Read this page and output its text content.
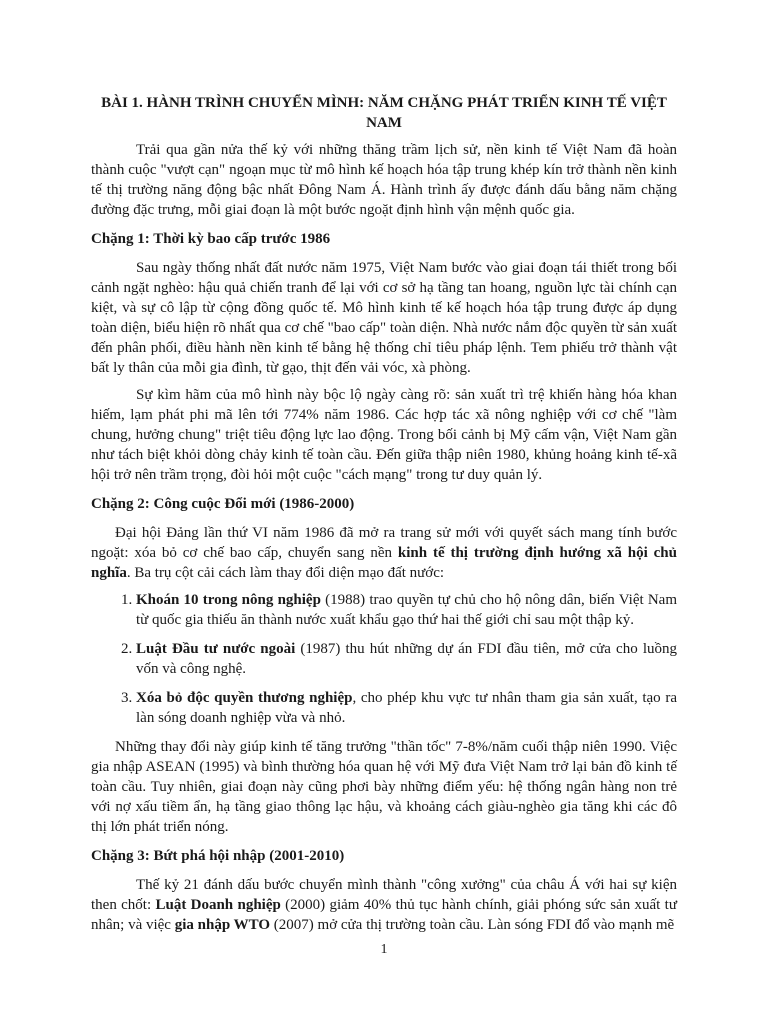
BÀI 1. HÀNH TRÌNH CHUYỂN MÌNH: NĂM CHẶNG PHÁT TRIỂN KINH TẾ VIỆT NAM

Trải qua gần nửa thế kỷ với những thăng trầm lịch sử, nền kinh tế Việt Nam đã hoàn thành cuộc "vượt cạn" ngoạn mục từ mô hình kế hoạch hóa tập trung khép kín trở thành nền kinh tế thị trường năng động bậc nhất Đông Nam Á. Hành trình ấy được đánh dấu bằng năm chặng đường đặc trưng, mỗi giai đoạn là một bước ngoặt định hình vận mệnh quốc gia.

Chặng 1: Thời kỳ bao cấp trước 1986

Sau ngày thống nhất đất nước năm 1975, Việt Nam bước vào giai đoạn tái thiết trong bối cảnh ngặt nghèo: hậu quả chiến tranh để lại với cơ sở hạ tầng tan hoang, nguồn lực tài chính cạn kiệt, và sự cô lập từ cộng đồng quốc tế. Mô hình kinh tế kế hoạch hóa tập trung được áp dụng toàn diện, biểu hiện rõ nhất qua cơ chế "bao cấp" toàn diện. Nhà nước nắm độc quyền từ sản xuất đến phân phối, điều hành nền kinh tế bằng hệ thống chỉ tiêu pháp lệnh. Tem phiếu trở thành vật bất ly thân của mỗi gia đình, từ gạo, thịt đến vải vóc, xà phòng.

Sự kìm hãm của mô hình này bộc lộ ngày càng rõ: sản xuất trì trệ khiến hàng hóa khan hiếm, lạm phát phi mã lên tới 774% năm 1986. Các hợp tác xã nông nghiệp với cơ chế "làm chung, hưởng chung" triệt tiêu động lực lao động. Trong bối cảnh bị Mỹ cấm vận, Việt Nam gần như tách biệt khỏi dòng chảy kinh tế toàn cầu. Đến giữa thập niên 1980, khủng hoảng kinh tế-xã hội trở nên trầm trọng, đòi hỏi một cuộc "cách mạng" trong tư duy quản lý.

Chặng 2: Công cuộc Đổi mới (1986-2000)

Đại hội Đảng lần thứ VI năm 1986 đã mở ra trang sử mới với quyết sách mang tính bước ngoặt: xóa bỏ cơ chế bao cấp, chuyển sang nền kinh tế thị trường định hướng xã hội chủ nghĩa. Ba trụ cột cải cách làm thay đổi diện mạo đất nước:

1. Khoán 10 trong nông nghiệp (1988) trao quyền tự chủ cho hộ nông dân, biến Việt Nam từ quốc gia thiếu ăn thành nước xuất khẩu gạo thứ hai thế giới chỉ sau một thập kỷ.
2. Luật Đầu tư nước ngoài (1987) thu hút những dự án FDI đầu tiên, mở cửa cho luồng vốn và công nghệ.
3. Xóa bỏ độc quyền thương nghiệp, cho phép khu vực tư nhân tham gia sản xuất, tạo ra làn sóng doanh nghiệp vừa và nhỏ.

Những thay đổi này giúp kinh tế tăng trưởng "thần tốc" 7-8%/năm cuối thập niên 1990. Việc gia nhập ASEAN (1995) và bình thường hóa quan hệ với Mỹ đưa Việt Nam trở lại bản đồ kinh tế toàn cầu. Tuy nhiên, giai đoạn này cũng phơi bày những điểm yếu: hệ thống ngân hàng non trẻ với nợ xấu tiềm ẩn, hạ tầng giao thông lạc hậu, và khoảng cách giàu-nghèo gia tăng khi các đô thị lớn phát triển nóng.

Chặng 3: Bứt phá hội nhập (2001-2010)

Thế kỷ 21 đánh dấu bước chuyển mình thành "công xưởng" của châu Á với hai sự kiện then chốt: Luật Doanh nghiệp (2000) giảm 40% thủ tục hành chính, giải phóng sức sản xuất tư nhân; và việc gia nhập WTO (2007) mở cửa thị trường toàn cầu. Làn sóng FDI đổ vào mạnh mẽ

1
